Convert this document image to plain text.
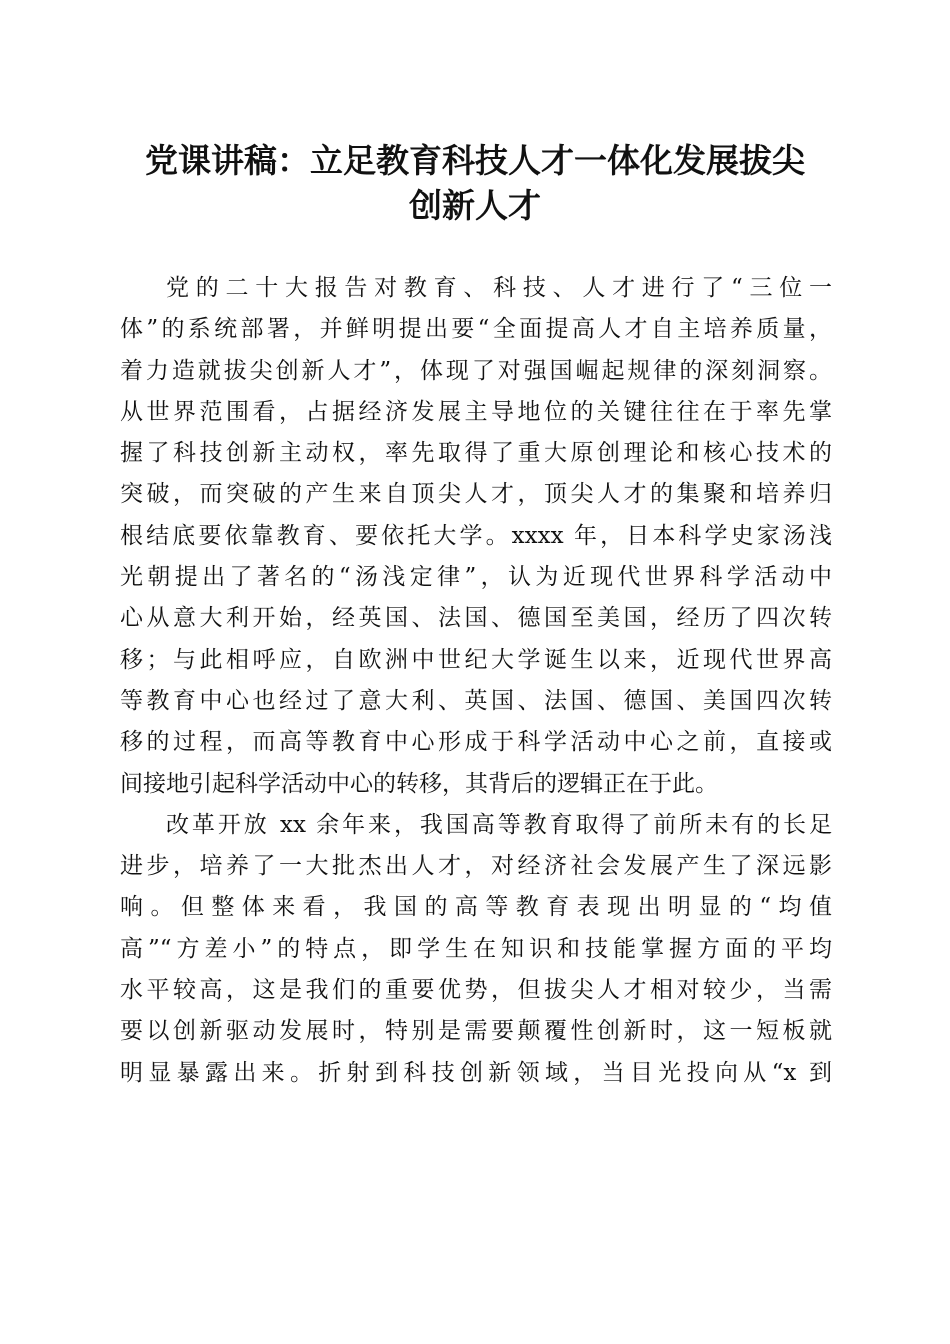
党课讲稿：立足教育科技人才一体化发展拔尖
创新人才
党的二十大报告对教育、科技、人才进行了“三位一
体”的系统部署，并鲜明提出要“全面提高人才自主培养质量，
着力造就拔尖创新人才”，体现了对强国崛起规律的深刻洞察。
从世界范围看，占据经济发展主导地位的关键往往在于率先掌
握了科技创新主动权，率先取得了重大原创理论和核心技术的
突破，而突破的产生来自顶尖人才，顶尖人才的集聚和培养归
根结底要依靠教育、要依托大学。xxxx 年，日本科学史家汤浅
光朝提出了著名的“汤浅定律”，认为近现代世界科学活动中
心从意大利开始，经英国、法国、德国至美国，经历了四次转
移；与此相呼应，自欧洲中世纪大学诞生以来，近现代世界高
等教育中心也经过了意大利、英国、法国、德国、美国四次转
移的过程，而高等教育中心形成于科学活动中心之前，直接或
间接地引起科学活动中心的转移，其背后的逻辑正在于此。
改革开放 xx 余年来，我国高等教育取得了前所未有的长足
进步，培养了一大批杰出人才，对经济社会发展产生了深远影
响。但整体来看，我国的高等教育表现出明显的“均值
高”“方差小”的特点，即学生在知识和技能掌握方面的平均
水平较高，这是我们的重要优势，但拔尖人才相对较少，当需
要以创新驱动发展时，特别是需要颠覆性创新时，这一短板就
明显暴露出来。折射到科技创新领域，当目光投向从“x 到
